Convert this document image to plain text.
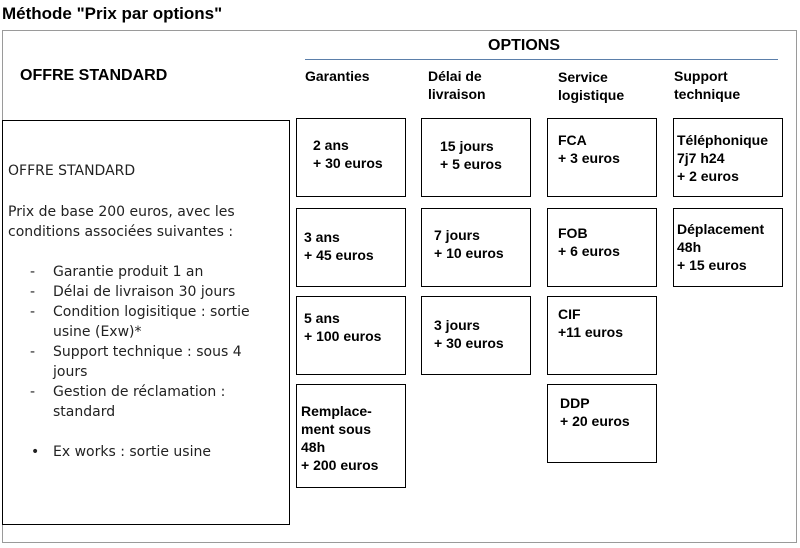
Méthode "Prix par options"
OFFRE STANDARD
OPTIONS
Garanties	Délai de
livraison
Service
logistique
Support
technique
OFFRE STANDARD
Prix de base 200 euros, avec les conditions associées suivantes :
- Garantie produit 1 an
- Délai de livraison 30 jours
- Condition logisitique : sortie usine (Exw)*
- Support technique : sous 4 jours
- Gestion de réclamation : standard
• Ex works : sortie usine
2 ans
+ 30 euros
3 ans
+ 45 euros
5 ans
+ 100 euros
Remplace-
ment sous
48h
+ 200 euros
15 jours
+ 5 euros
7 jours
+ 10 euros
3 jours
+ 30 euros
FCA
+ 3 euros
FOB
+ 6 euros
CIF
+11 euros
DDP
+ 20 euros
Téléphonique
7j7 h24
+ 2 euros
Déplacement
48h
+ 15 euros
